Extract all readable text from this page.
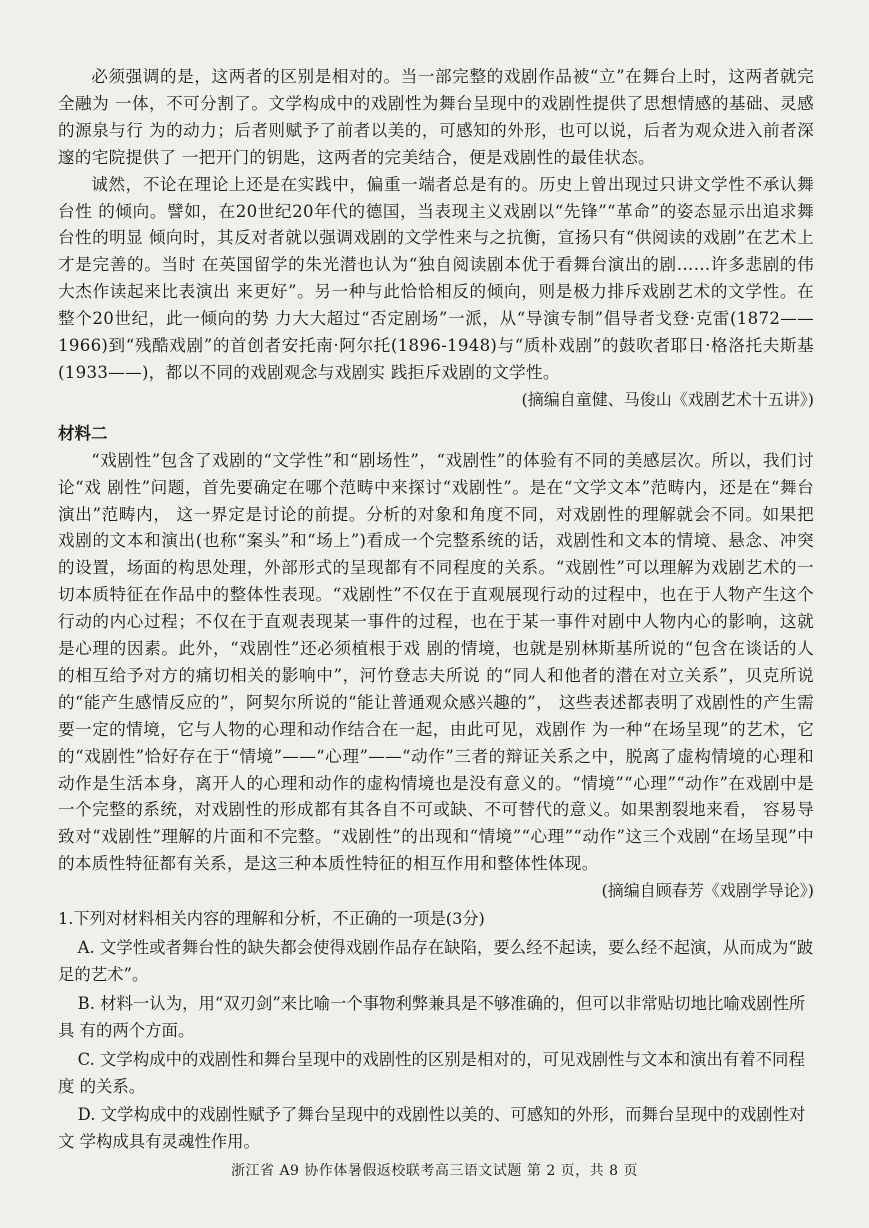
必须强调的是，这两者的区别是相对的。当一部完整的戏剧作品被“立”在舞台上时，这两者就完全融为 一体，不可分割了。文学构成中的戏剧性为舞台呈现中的戏剧性提供了思想情感的基础、灵感的源泉与行 为的动力；后者则赋予了前者以美的，可感知的外形，也可以说，后者为观众进入前者深邃的宅院提供了 一把开门的钥匙，这两者的完美结合，便是戏剧性的最佳状态。

诚然，不论在理论上还是在实践中，偏重一端者总是有的。历史上曾出现过只讲文学性不承认舞台性 的倾向。譬如，在20世纪20年代的德国，当表现主义戏剧以“先锋”“革命”的姿态显示出追求舞台性的明显 倾向时，其反对者就以强调戏剧的文学性来与之抗衡，宣扬只有“供阅读的戏剧”在艺术上才是完善的。当时 在英国留学的朱光潜也认为“独自阅读剧本优于看舞台演出的剧……许多悲剧的伟大杰作读起来比表演出 来更好”。另一种与此恰恰相反的倾向，则是极力排斥戏剧艺术的文学性。在整个20世纪，此一倾向的势 力大大超过“否定剧场”一派，从“导演专制”倡导者戈登·克雷(1872——1966)到“残酷戏剧”的首创者安托南·阿尔托(1896-1948)与“质朴戏剧”的鼓吹者耶日·格洛托夫斯基(1933——)，都以不同的戏剧观念与戏剧实 践拒斥戏剧的文学性。

(摘编自童健、马俊山《戏剧艺术十五讲》)

材料二

“戏剧性”包含了戏剧的“文学性”和“剧场性”，“戏剧性”的体验有不同的美感层次。所以，我们讨论“戏 剧性”问题，首先要确定在哪个范畴中来探讨“戏剧性”。是在“文学文本”范畴内，还是在“舞台演出”范畴内， 这一界定是讨论的前提。分析的对象和角度不同，对戏剧性的理解就会不同。如果把戏剧的文本和演出(也称“案头”和“场上”)看成一个完整系统的话，戏剧性和文本的情境、悬念、冲突的设置，场面的构思处理，外部形式的呈现都有不同程度的关系。“戏剧性”可以理解为戏剧艺术的一切本质特征在作品中的整体性表现。“戏剧性”不仅在于直观展现行动的过程中，也在于人物产生这个行动的内心过程；不仅在于直观表现某一事件的过程，也在于某一事件对剧中人物内心的影响，这就是心理的因素。此外，“戏剧性”还必须植根于戏 剧的情境，也就是别林斯基所说的“包含在谈话的人的相互给予对方的痛切相关的影响中”，河竹登志夫所说 的“同人和他者的潜在对立关系”，贝克所说的“能产生感情反应的”，阿契尔所说的“能让普通观众感兴趣的”， 这些表述都表明了戏剧性的产生需要一定的情境，它与人物的心理和动作结合在一起，由此可见，戏剧作 为一种“在场呈现”的艺术，它的“戏剧性”恰好存在于“情境”——“心理”——“动作”三者的辩证关系之中，脱离了虚构情境的心理和动作是生活本身，离开人的心理和动作的虚构情境也是没有意义的。“情境”“心理”“动作”在戏剧中是一个完整的系统，对戏剧性的形成都有其各自不可或缺、不可替代的意义。如果割裂地来看， 容易导致对“戏剧性”理解的片面和不完整。“戏剧性”的出现和“情境”“心理”“动作”这三个戏剧“在场呈现”中的本质性特征都有关系，是这三种本质性特征的相互作用和整体性体现。

(摘编自顾春芳《戏剧学导论》)

1.下列对材料相关内容的理解和分析，不正确的一项是(3分)

A. 文学性或者舞台性的缺失都会使得戏剧作品存在缺陷，要么经不起读，要么经不起演，从而成为“跛足的艺术”。

B. 材料一认为，用“双刃剑”来比喻一个事物利弊兼具是不够准确的，但可以非常贴切地比喻戏剧性所具 有的两个方面。

C. 文学构成中的戏剧性和舞台呈现中的戏剧性的区别是相对的，可见戏剧性与文本和演出有着不同程度 的关系。

D. 文学构成中的戏剧性赋予了舞台呈现中的戏剧性以美的、可感知的外形，而舞台呈现中的戏剧性对文 学构成具有灵魂性作用。

浙江省 A9 协作体暑假返校联考高三语文试题 第 2 页，共 8 页
